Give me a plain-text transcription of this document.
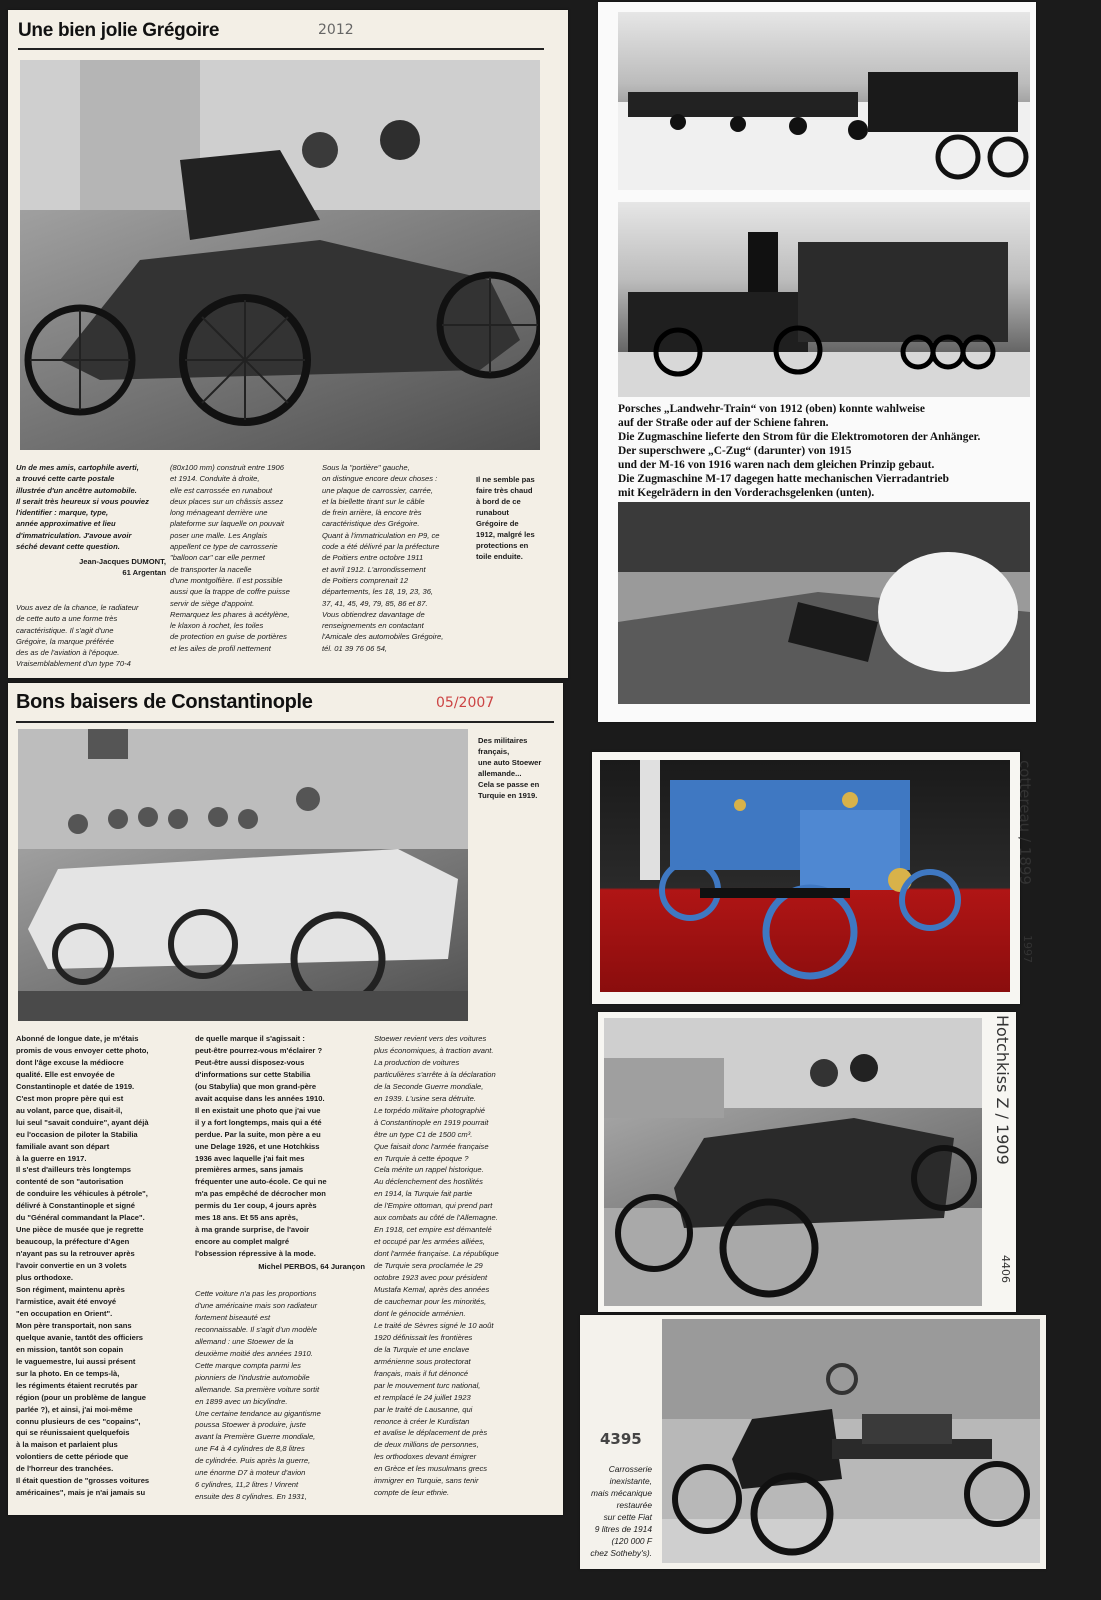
Une bien jolie Grégoire	2012
Un de mes amis, cartophile averti,
a trouvé cette carte postale
illustrée d'un ancêtre automobile.
Il serait très heureux si vous pouviez
l'identifier : marque, type,
année approximative et lieu
d'immatriculation. J'avoue avoir
séché devant cette question.
Jean-Jacques DUMONT,
61 Argentan
Vous avez de la chance, le radiateur
de cette auto a une forme très
caractéristique. Il s'agit d'une
Grégoire, la marque préférée
des as de l'aviation à l'époque.
Vraisemblablement d'un type 70-4
(80x100 mm) construit entre 1906
et 1914. Conduite à droite,
elle est carrossée en runabout
deux places sur un châssis assez
long ménageant derrière une
plateforme sur laquelle on pouvait
poser une malle. Les Anglais
appellent ce type de carrosserie
"balloon car" car elle permet
de transporter la nacelle
d'une montgolfière. Il est possible
aussi que la trappe de coffre puisse
servir de siège d'appoint.
Remarquez les phares à acétylène,
le klaxon à rochet, les toiles
de protection en guise de portières
et les ailes de profil nettement
Sous la "portière" gauche,
on distingue encore deux choses :
une plaque de carrossier, carrée,
et la biellette tirant sur le câble
de frein arrière, là encore très
caractéristique des Grégoire.
Quant à l'immatriculation en P9, ce
code a été délivré par la préfecture
de Poitiers entre octobre 1911
et avril 1912. L'arrondissement
de Poitiers comprenait 12
départements, les 18, 19, 23, 36,
37, 41, 45, 49, 79, 85, 86 et 87.
Vous obtiendrez davantage de
renseignements en contactant
l'Amicale des automobiles Grégoire,
tél. 01 39 76 06 54,
Il ne semble pas
faire très chaud
à bord de ce
runabout
Grégoire de
1912, malgré les
protections en
toile enduite.
Porsches „Landwehr-Train“ von 1912 (oben) konnte wahlweise
auf der Straße oder auf der Schiene fahren.
Die Zugmaschine lieferte den Strom für die Elektromotoren der Anhänger.
Der superschwere „C-Zug“ (darunter) von 1915
und der M-16 von 1916 waren nach dem gleichen Prinzip gebaut.
Die Zugmaschine M-17 dagegen hatte mechanischen Vierradantrieb
mit Kegelrädern in den Vorderachsgelenken (unten).
Bons baisers de Constantinople	05/2007
Des militaires
français,
une auto Stoewer
allemande...
Cela se passe en
Turquie en 1919.
Abonné de longue date, je m'étais
promis de vous envoyer cette photo,
dont l'âge excuse la médiocre
qualité. Elle est envoyée de
Constantinople et datée de 1919.
C'est mon propre père qui est
au volant, parce que, disait-il,
lui seul "savait conduire", ayant déjà
eu l'occasion de piloter la Stabilia
familiale avant son départ
à la guerre en 1917.
Il s'est d'ailleurs très longtemps
contenté de son "autorisation
de conduire les véhicules à pétrole",
délivré à Constantinople et signé
du "Général commandant la Place".
Une pièce de musée que je regrette
beaucoup, la préfecture d'Agen
n'ayant pas su la retrouver après
l'avoir convertie en un 3 volets
plus orthodoxe.
Son régiment, maintenu après
l'armistice, avait été envoyé
"en occupation en Orient".
Mon père transportait, non sans
quelque avanie, tantôt des officiers
en mission, tantôt son copain
le vaguemestre, lui aussi présent
sur la photo. En ce temps-là,
les régiments étaient recrutés par
région (pour un problème de langue
parlée ?), et ainsi, j'ai moi-même
connu plusieurs de ces "copains",
qui se réunissaient quelquefois
à la maison et parlaient plus
volontiers de cette période que
de l'horreur des tranchées.
Il était question de "grosses voitures
américaines", mais je n'ai jamais su
de quelle marque il s'agissait :
peut-être pourrez-vous m'éclairer ?
Peut-être aussi disposez-vous
d'informations sur cette Stabilia
(ou Stabylia) que mon grand-père
avait acquise dans les années 1910.
Il en existait une photo que j'ai vue
il y a fort longtemps, mais qui a été
perdue. Par la suite, mon père a eu
une Delage 1926, et une Hotchkiss
1936 avec laquelle j'ai fait mes
premières armes, sans jamais
fréquenter une auto-école. Ce qui ne
m'a pas empêché de décrocher mon
permis du 1er coup, 4 jours après
mes 18 ans. Et 55 ans après,
à ma grande surprise, de l'avoir
encore au complet malgré
l'obsession répressive à la mode.
Michel PERBOS, 64 Jurançon
Cette voiture n'a pas les proportions
d'une américaine mais son radiateur
fortement biseauté est
reconnaissable. Il s'agit d'un modèle
allemand : une Stoewer de la
deuxième moitié des années 1910.
Cette marque compta parmi les
pionniers de l'industrie automobile
allemande. Sa première voiture sortit
en 1899 avec un bicylindre.
Une certaine tendance au gigantisme
poussa Stoewer à produire, juste
avant la Première Guerre mondiale,
une F4 à 4 cylindres de 8,8 litres
de cylindrée. Puis après la guerre,
une énorme D7 à moteur d'avion
6 cylindres, 11,2 litres ! Vinrent
ensuite des 8 cylindres. En 1931,
Stoewer revient vers des voitures
plus économiques, à traction avant.
La production de voitures
particulières s'arrête à la déclaration
de la Seconde Guerre mondiale,
en 1939. L'usine sera détruite.
Le torpédo militaire photographié
à Constantinople en 1919 pourrait
être un type C1 de 1500 cm³.
Que faisait donc l'armée française
en Turquie à cette époque ?
Cela mérite un rappel historique.
Au déclenchement des hostilités
en 1914, la Turquie fait partie
de l'Empire ottoman, qui prend part
aux combats au côté de l'Allemagne.
En 1918, cet empire est démantelé
et occupé par les armées alliées,
dont l'armée française. La république
de Turquie sera proclamée le 29
octobre 1923 avec pour président
Mustafa Kemal, après des années
de cauchemar pour les minorités,
dont le génocide arménien.
Le traité de Sèvres signé le 10 août
1920 définissait les frontières
de la Turquie et une enclave
arménienne sous protectorat
français, mais il fut dénoncé
par le mouvement turc national,
et remplacé le 24 juillet 1923
par le traité de Lausanne, qui
renonce à créer le Kurdistan
et avalise le déplacement de près
de deux millions de personnes,
les orthodoxes devant émigrer
en Grèce et les musulmans grecs
immigrer en Turquie, sans tenir
compte de leur ethnie.
cottereau / 1899
1997
Hotchkiss Z / 1909
4406
4395
Carrosserie
inexistante,
mais mécanique
restaurée
sur cette Fiat
9 litres de 1914
(120 000 F
chez Sotheby's).
